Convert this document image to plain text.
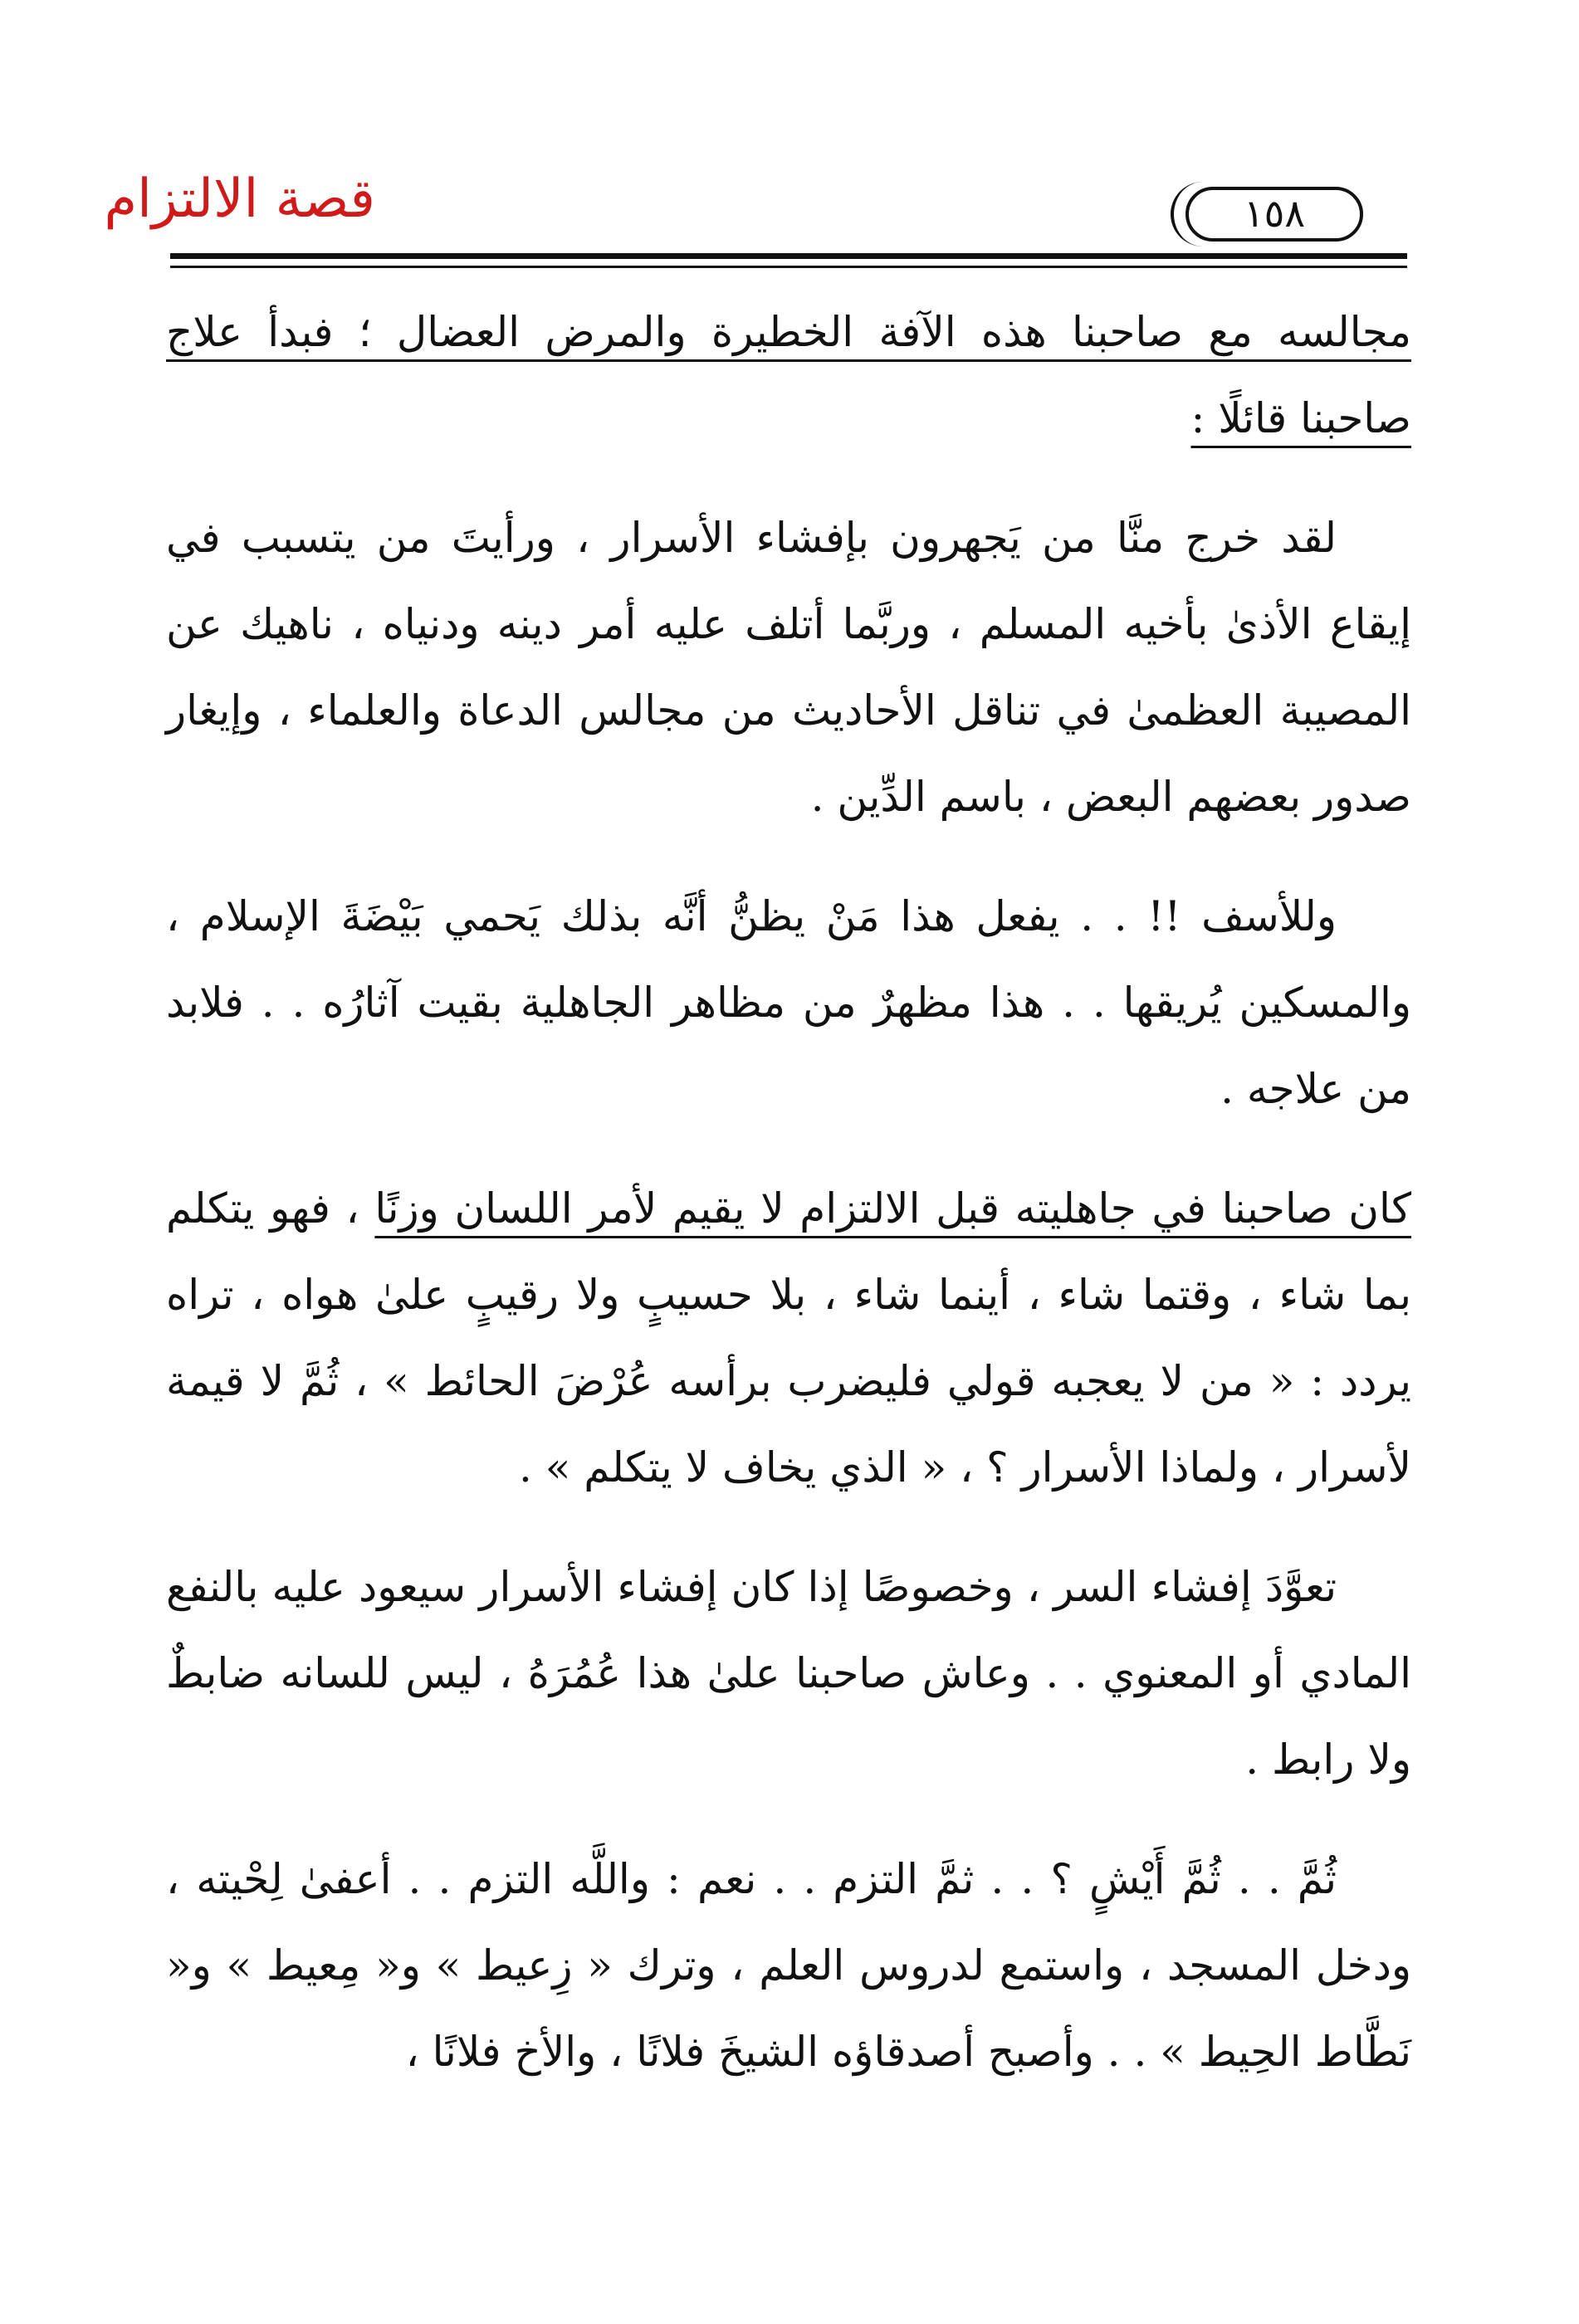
قصة الالتزام	١٥٨

مجالسه مع صاحبنا هذه الآفة الخطيرة والمرض العضال ؛ فبدأ علاج صاحبنا قائلًا :

لقد خرج منَّا من يَجهرون بإفشاء الأسرار ، ورأيتَ من يتسبب في إيقاع الأذىٰ بأخيه المسلم ، وربَّما أتلف عليه أمر دينه ودنياه ، ناهيك عن المصيبة العظمىٰ في تناقل الأحاديث من مجالس الدعاة والعلماء ، وإيغار صدور بعضهم البعض ، باسم الدِّين .

وللأسف !! . . يفعل هذا مَنْ يظنُّ أنَّه بذلك يَحمي بَيْضَةَ الإسلام ، والمسكين يُريقها . . هذا مظهرٌ من مظاهر الجاهلية بقيت آثارُه . . فلابد من علاجه .

كان صاحبنا في جاهليته قبل الالتزام لا يقيم لأمر اللسان وزنًا ، فهو يتكلم بما شاء ، وقتما شاء ، أينما شاء ، بلا حسيبٍ ولا رقيبٍ علىٰ هواه ، تراه يردد : « من لا يعجبه قولي فليضرب برأسه عُرْضَ الحائط » ، ثُمَّ لا قيمة لأسرار ، ولماذا الأسرار ؟ ، « الذي يخاف لا يتكلم » .

تعوَّدَ إفشاء السر ، وخصوصًا إذا كان إفشاء الأسرار سيعود عليه بالنفع المادي أو المعنوي . . وعاش صاحبنا علىٰ هذا عُمُرَهُ ، ليس للسانه ضابطٌ ولا رابط .

ثُمَّ . . ثُمَّ أَيْشٍ ؟ . . ثمَّ التزم . . نعم : واللَّه التزم . . أعفىٰ لِحْيته ، ودخل المسجد ، واستمع لدروس العلم ، وترك « زِعيط » و« مِعيط » و« نَطَّاط الحِيط » . . وأصبح أصدقاؤه الشيخَ فلانًا ، والأخ فلانًا ،
